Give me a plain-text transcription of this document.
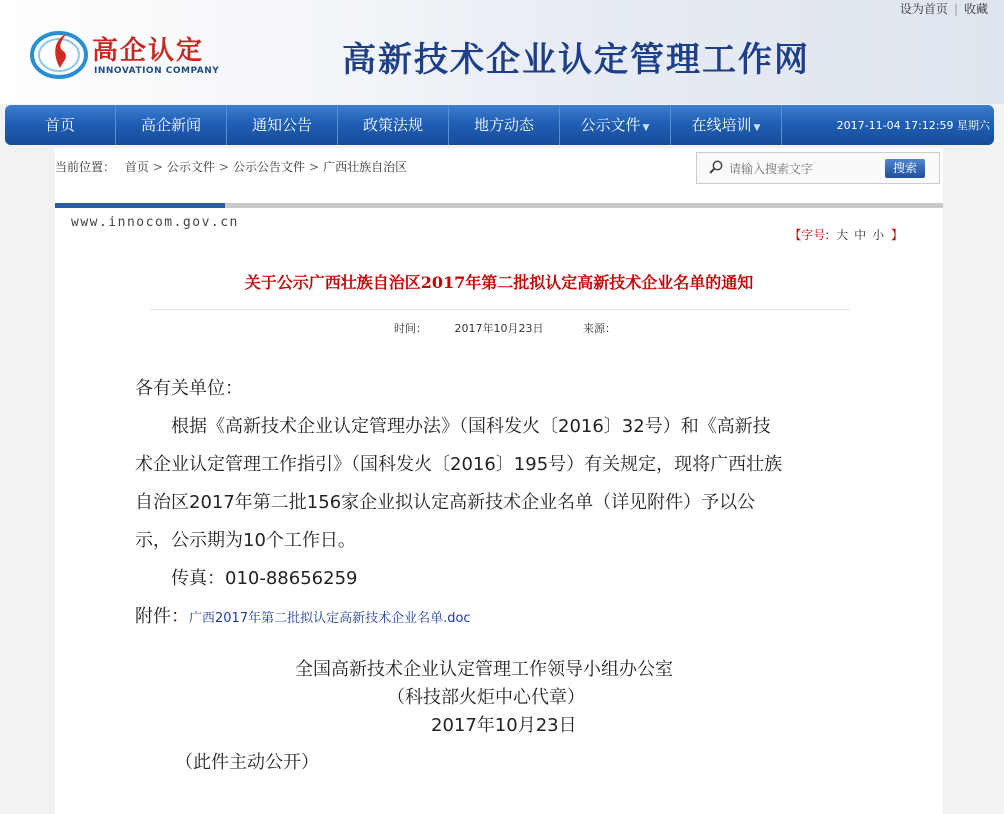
设为首页 | 收藏
高企认定
INNOVATION COMPANY	高新技术企业认定管理工作网
首页	高企新闻	通知公告	政策法规	地方动态	公示文件 ▼	在线培训 ▼	2017-11-04 17:12:59 星期六
当前位置： 首页 > 公示文件 > 公示公告文件 > 广西壮族自治区
请输入搜索文字	搜索
www.innocom.gov.cn
【字号: 大 中 小 】
关于公示广西壮族自治区2017年第二批拟认定高新技术企业名单的通知
时间：	2017年10月23日	来源：

各有关单位：

根据《高新技术企业认定管理办法》（国科发火〔2016〕32号）和《高新技术企业认定管理工作指引》（国科发火〔2016〕195号）有关规定，现将广西壮族自治区2017年第二批156家企业拟认定高新技术企业名单（详见附件）予以公示，公示期为10个工作日。

传真：010-88656259

附件：广西2017年第二批拟认定高新技术企业名单.doc

全国高新技术企业认定管理工作领导小组办公室
（科技部火炬中心代章）
2017年10月23日
（此件主动公开）
